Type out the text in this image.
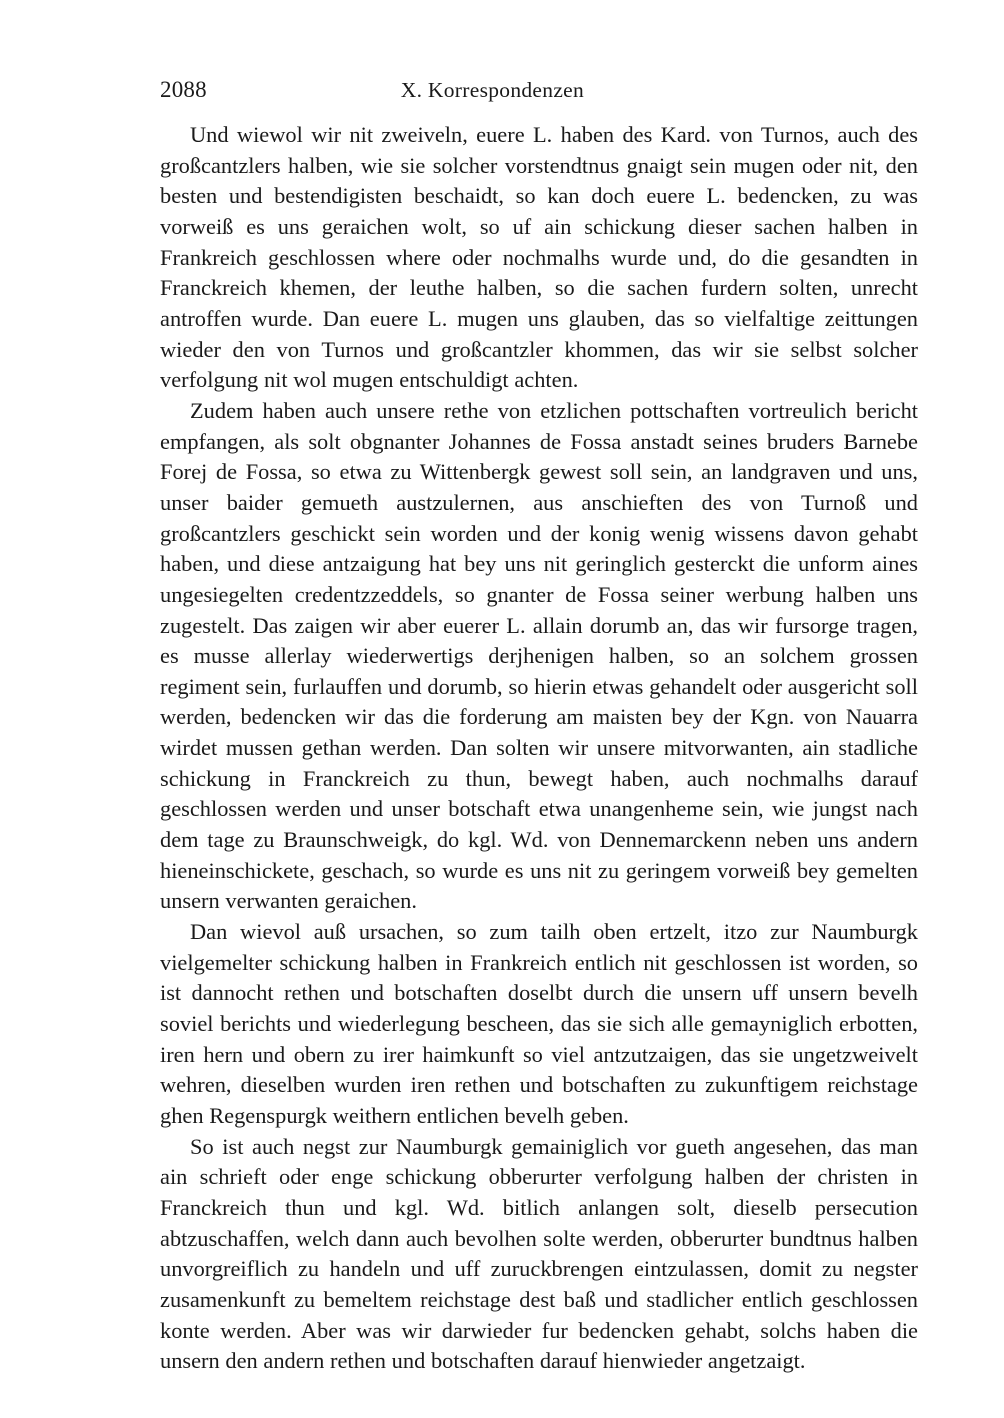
2088	X. Korrespondenzen

Und wiewol wir nit zweiveln, euere L. haben des Kard. von Turnos, auch des großcantzlers halben, wie sie solcher vorstendtnus gnaigt sein mugen oder nit, den besten und bestendigisten beschaidt, so kan doch euere L. bedencken, zu was vorweiß es uns geraichen wolt, so uf ain schickung dieser sachen halben in Frankreich geschlossen where oder nochmalhs wurde und, do die gesandten in Franckreich khemen, der leuthe halben, so die sachen furdern solten, unrecht antroffen wurde. Dan euere L. mugen uns glauben, das so vielfaltige zeittungen wieder den von Turnos und großcantzler khommen, das wir sie selbst solcher verfolgung nit wol mugen entschuldigt achten.

Zudem haben auch unsere rethe von etzlichen pottschaften vortreulich bericht empfangen, als solt obgnanter Johannes de Fossa anstadt seines bruders Barnebe Forej de Fossa, so etwa zu Wittenbergk gewest soll sein, an landgraven und uns, unser baider gemueth austzulernen, aus anschieften des von Turnoß und großcantzlers geschickt sein worden und der konig wenig wissens davon gehabt haben, und diese antzaigung hat bey uns nit geringlich gesterckt die unform aines ungesiegelten credentzzeddels, so gnanter de Fossa seiner werbung halben uns zugestelt. Das zaigen wir aber euerer L. allain dorumb an, das wir fursorge tragen, es musse allerlay wiederwertigs derjhenigen halben, so an solchem grossen regiment sein, furlauffen und dorumb, so hierin etwas gehandelt oder ausgericht soll werden, bedencken wir das die forderung am maisten bey der Kgn. von Nauarra wirdet mussen gethan werden. Dan solten wir unsere mitvorwanten, ain stadliche schickung in Franckreich zu thun, bewegt haben, auch nochmalhs darauf geschlossen werden und unser botschaft etwa unangenheme sein, wie jungst nach dem tage zu Braunschweigk, do kgl. Wd. von Dennemarckenn neben uns andern hieneinschickete, geschach, so wurde es uns nit zu geringem vorweiß bey gemelten unsern verwanten geraichen.

Dan wievol auß ursachen, so zum tailh oben ertzelt, itzo zur Naumburgk vielgemelter schickung halben in Frankreich entlich nit geschlossen ist worden, so ist dannocht rethen und botschaften doselbt durch die unsern uff unsern bevelh soviel berichts und wiederlegung bescheen, das sie sich alle gemayniglich erbotten, iren hern und obern zu irer haimkunft so viel antzutzaigen, das sie ungetzweivelt wehren, dieselben wurden iren rethen und botschaften zu zukunftigem reichstage ghen Regenspurgk weithern entlichen bevelh geben.

So ist auch negst zur Naumburgk gemainiglich vor gueth angesehen, das man ain schrieft oder enge schickung obberurter verfolgung halben der christen in Franckreich thun und kgl. Wd. bitlich anlangen solt, dieselb persecution abtzuschaffen, welch dann auch bevolhen solte werden, obberurter bundtnus halben unvorgreiflich zu handeln und uff zuruckbrengen eintzulassen, domit zu negster zusamenkunft zu bemeltem reichstage dest baß und stadlicher entlich geschlossen konte werden. Aber was wir darwieder fur bedencken gehabt, solchs haben die unsern den andern rethen und botschaften darauf hienwieder angetzaigt.
